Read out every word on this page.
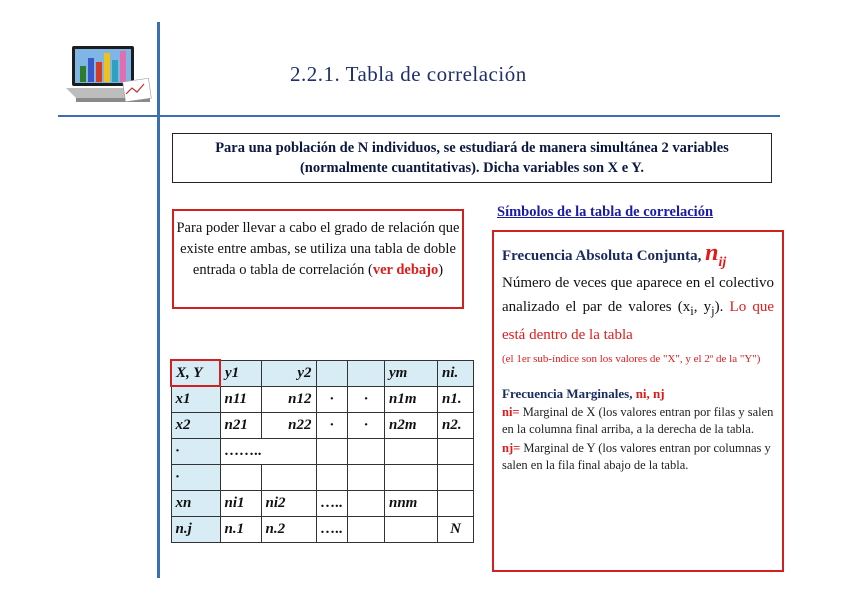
2.2.1. Tabla de correlación
Para una población de N individuos, se estudiará de manera simultánea 2 variables (normalmente cuantitativas). Dicha variables son X e Y.
Para poder llevar a cabo el grado de relación que existe entre ambas, se utiliza una tabla de doble entrada o tabla de correlación (ver debajo)
Símbolos de la tabla de correlación
Frecuencia Absoluta Conjunta, $n_{ij}$
Número de veces que aparece en el colectivo analizado el par de valores ($x_i$, $y_j$). Lo que está dentro de la tabla
(el 1er sub-índice son los valores de "X", y el 2º de la "Y")
Frecuencia Marginales, ni, nj
ni= Marginal de X (los valores entran por filas y salen en la columna final arriba, a la derecha de la tabla.
nj= Marginal de Y (los valores entran por columnas y salen en la fila final abajo de la tabla.
X, Y	y1	y2			ym	ni.
x1	n11	n12	·	·	n1m	n1.
x2	n21	n22	·	·	n2m	n2.
·	……..					
·						
xn	ni1	ni2	…..		nnm	
n.j	n.1	n.2	…..			N
